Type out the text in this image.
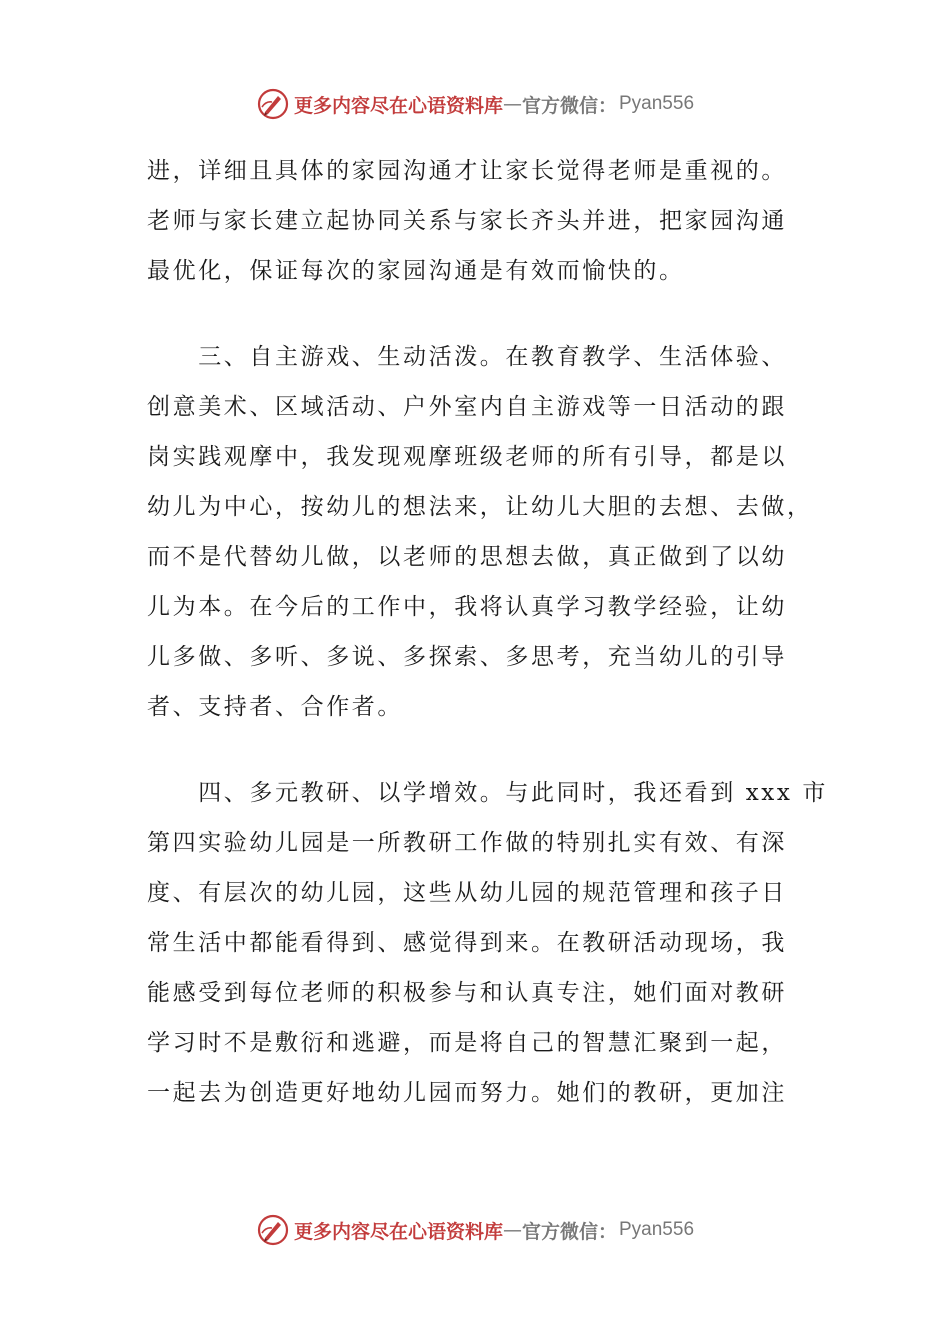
更多内容尽在心语资料库 — 官方微信： Pyan556
进，详细且具体的家园沟通才让家长觉得老师是重视的。
老师与家长建立起协同关系与家长齐头并进，把家园沟通
最优化，保证每次的家园沟通是有效而愉快的。
　　三、自主游戏、生动活泼。在教育教学、生活体验、
创意美术、区域活动、户外室内自主游戏等一日活动的跟
岗实践观摩中，我发现观摩班级老师的所有引导，都是以
幼儿为中心，按幼儿的想法来，让幼儿大胆的去想、去做，
而不是代替幼儿做，以老师的思想去做，真正做到了以幼
儿为本。在今后的工作中，我将认真学习教学经验，让幼
儿多做、多听、多说、多探索、多思考，充当幼儿的引导
者、支持者、合作者。
　　四、多元教研、以学增效。与此同时，我还看到 xxx 市
第四实验幼儿园是一所教研工作做的特别扎实有效、有深
度、有层次的幼儿园，这些从幼儿园的规范管理和孩子日
常生活中都能看得到、感觉得到来。在教研活动现场，我
能感受到每位老师的积极参与和认真专注，她们面对教研
学习时不是敷衍和逃避，而是将自己的智慧汇聚到一起，
一起去为创造更好地幼儿园而努力。她们的教研，更加注
更多内容尽在心语资料库 — 官方微信： Pyan556
